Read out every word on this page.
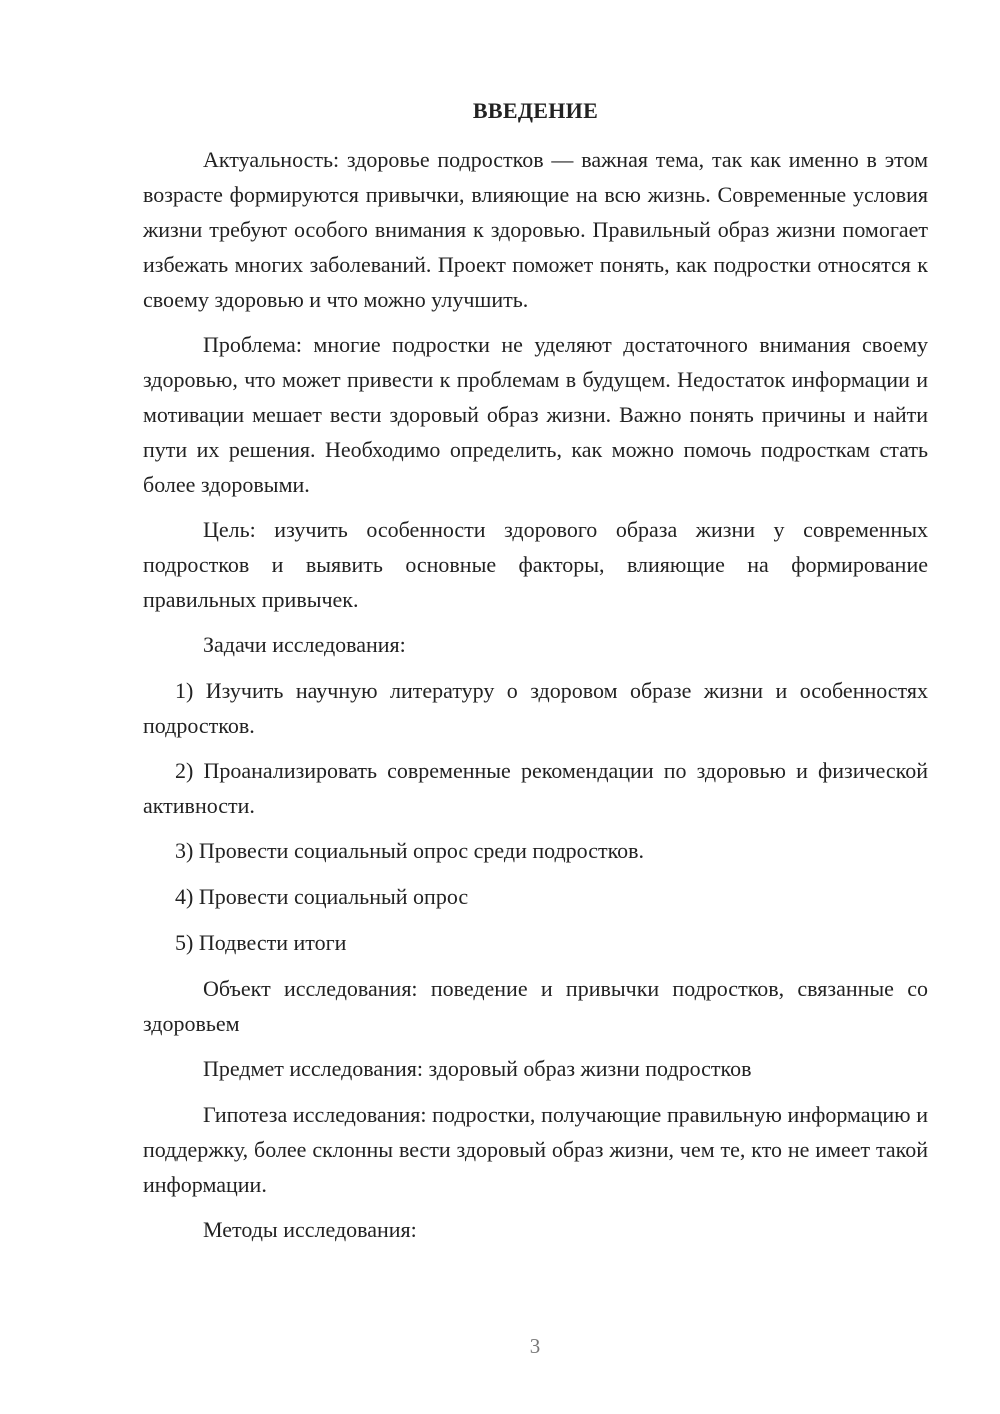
ВВЕДЕНИЕ

Актуальность: здоровье подростков — важная тема, так как именно в этом возрасте формируются привычки, влияющие на всю жизнь. Современные условия жизни требуют особого внимания к здоровью. Правильный образ жизни помогает избежать многих заболеваний. Проект поможет понять, как подростки относятся к своему здоровью и что можно улучшить.

Проблема: многие подростки не уделяют достаточного внимания своему здоровью, что может привести к проблемам в будущем. Недостаток информации и мотивации мешает вести здоровый образ жизни. Важно понять причины и найти пути их решения. Необходимо определить, как можно помочь подросткам стать более здоровыми.

Цель: изучить особенности здорового образа жизни у современных подростков и выявить основные факторы, влияющие на формирование правильных привычек.

Задачи исследования:

1) Изучить научную литературу о здоровом образе жизни и особенностях подростков.

2) Проанализировать современные рекомендации по здоровью и физической активности.

3) Провести социальный опрос среди подростков.

4) Провести социальный опрос

5) Подвести итоги

Объект исследования: поведение и привычки подростков, связанные со здоровьем

Предмет исследования: здоровый образ жизни подростков

Гипотеза исследования: подростки, получающие правильную информацию и поддержку, более склонны вести здоровый образ жизни, чем те, кто не имеет такой информации.

Методы исследования:

3
